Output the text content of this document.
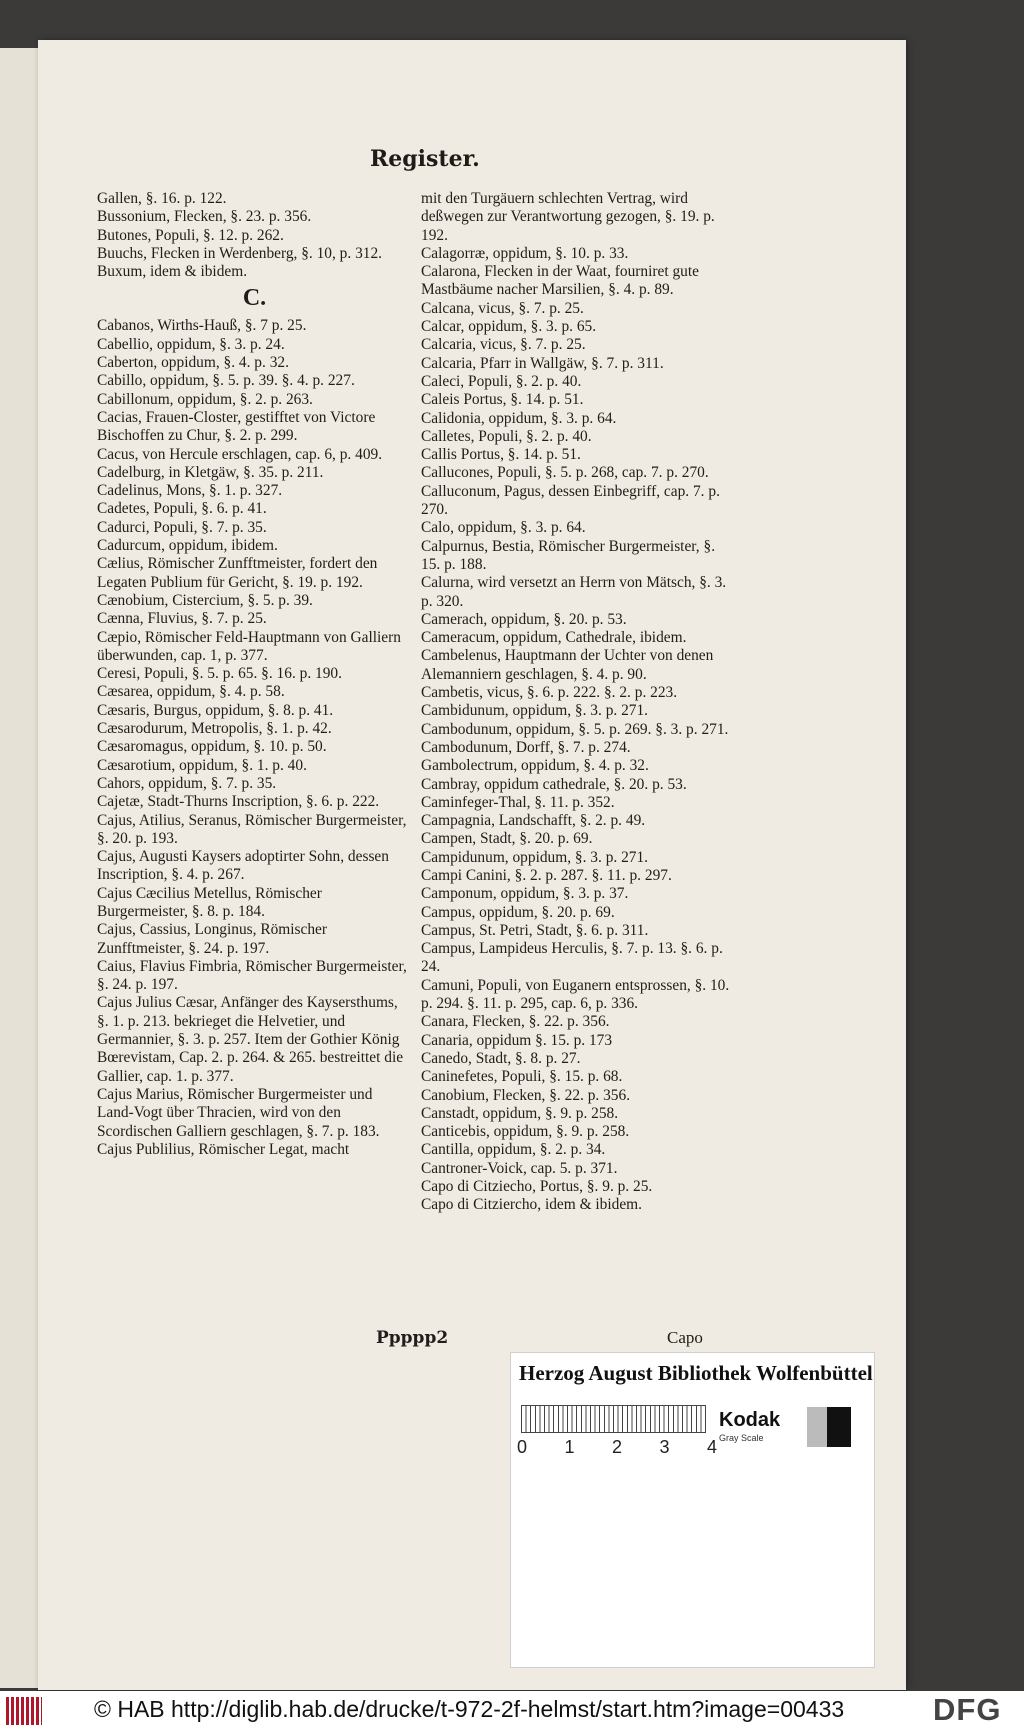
Register.

Gallen, §. 16. p. 122.

Bussonium, Flecken, §. 23. p. 356.

Butones, Populi, §. 12. p. 262.

Buuchs, Flecken in Werdenberg, §. 10, p. 312.

Buxum, idem & ibidem.

C.

Cabanos, Wirths-Hauß, §. 7 p. 25.

Cabellio, oppidum, §. 3. p. 24.

Caberton, oppidum, §. 4. p. 32.

Cabillo, oppidum, §. 5. p. 39. §. 4. p. 227.

Cabillonum, oppidum, §. 2. p. 263.

Cacias, Frauen-Closter, gestifftet von Victore Bischoffen zu Chur, §. 2. p. 299.

Cacus, von Hercule erschlagen, cap. 6, p. 409.

Cadelburg, in Kletgäw, §. 35. p. 211.

Cadelinus, Mons, §. 1. p. 327.

Cadetes, Populi, §. 6. p. 41.

Cadurci, Populi, §. 7. p. 35.

Cadurcum, oppidum, ibidem.

Cælius, Römischer Zunfftmeister, fordert den Legaten Publium für Gericht, §. 19. p. 192.

Cænobium, Cistercium, §. 5. p. 39.

Cænna, Fluvius, §. 7. p. 25.

Cæpio, Römischer Feld-Hauptmann von Galliern überwunden, cap. 1, p. 377.

Ceresi, Populi, §. 5. p. 65. §. 16. p. 190.

Cæsarea, oppidum, §. 4. p. 58.

Cæsaris, Burgus, oppidum, §. 8. p. 41.

Cæsarodurum, Metropolis, §. 1. p. 42.

Cæsaromagus, oppidum, §. 10. p. 50.

Cæsarotium, oppidum, §. 1. p. 40.

Cahors, oppidum, §. 7. p. 35.

Cajetæ, Stadt-Thurns Inscription, §. 6. p. 222.

Cajus, Atilius, Seranus, Römischer Burgermeister, §. 20. p. 193.

Cajus, Augusti Kaysers adoptirter Sohn, dessen Inscription, §. 4. p. 267.

Cajus Cæcilius Metellus, Römischer Burgermeister, §. 8. p. 184.

Cajus, Cassius, Longinus, Römischer Zunfftmeister, §. 24. p. 197.

Caius, Flavius Fimbria, Römischer Burgermeister, §. 24. p. 197.

Cajus Julius Cæsar, Anfänger des Kaysersthums, §. 1. p. 213. bekrieget die Helvetier, und Germannier, §. 3. p. 257. Item der Gothier König Bœrevistam, Cap. 2. p. 264. & 265. bestreittet die Gallier, cap. 1. p. 377.

Cajus Marius, Römischer Burgermeister und Land-Vogt über Thracien, wird von den Scordischen Galliern geschlagen, §. 7. p. 183.

Cajus Publilius, Römischer Legat, macht

mit den Turgäuern schlechten Vertrag, wird deßwegen zur Verantwortung gezogen, §. 19. p. 192.

Calagorræ, oppidum, §. 10. p. 33.

Calarona, Flecken in der Waat, fourniret gute Mastbäume nacher Marsilien, §. 4. p. 89.

Calcana, vicus, §. 7. p. 25.

Calcar, oppidum, §. 3. p. 65.

Calcaria, vicus, §. 7. p. 25.

Calcaria, Pfarr in Wallgäw, §. 7. p. 311.

Caleci, Populi, §. 2. p. 40.

Caleis Portus, §. 14. p. 51.

Calidonia, oppidum, §. 3. p. 64.

Calletes, Populi, §. 2. p. 40.

Callis Portus, §. 14. p. 51.

Callucones, Populi, §. 5. p. 268, cap. 7. p. 270.

Calluconum, Pagus, dessen Einbegriff, cap. 7. p. 270.

Calo, oppidum, §. 3. p. 64.

Calpurnus, Bestia, Römischer Burgermeister, §. 15. p. 188.

Calurna, wird versetzt an Herrn von Mätsch, §. 3. p. 320.

Camerach, oppidum, §. 20. p. 53.

Cameracum, oppidum, Cathedrale, ibidem.

Cambelenus, Hauptmann der Uchter von denen Alemanniern geschlagen, §. 4. p. 90.

Cambetis, vicus, §. 6. p. 222. §. 2. p. 223.

Cambidunum, oppidum, §. 3. p. 271.

Cambodunum, oppidum, §. 5. p. 269. §. 3. p. 271.

Cambodunum, Dorff, §. 7. p. 274.

Gambolectrum, oppidum, §. 4. p. 32.

Cambray, oppidum cathedrale, §. 20. p. 53.

Caminfeger-Thal, §. 11. p. 352.

Campagnia, Landschafft, §. 2. p. 49.

Campen, Stadt, §. 20. p. 69.

Campidunum, oppidum, §. 3. p. 271.

Campi Canini, §. 2. p. 287. §. 11. p. 297.

Camponum, oppidum, §. 3. p. 37.

Campus, oppidum, §. 20. p. 69.

Campus, St. Petri, Stadt, §. 6. p. 311.

Campus, Lampideus Herculis, §. 7. p. 13. §. 6. p. 24.

Camuni, Populi, von Euganern entsprossen, §. 10. p. 294. §. 11. p. 295, cap. 6, p. 336.

Canara, Flecken, §. 22. p. 356.

Canaria, oppidum §. 15. p. 173

Canedo, Stadt, §. 8. p. 27.

Caninefetes, Populi, §. 15. p. 68.

Canobium, Flecken, §. 22. p. 356.

Canstadt, oppidum, §. 9. p. 258.

Canticebis, oppidum, §. 9. p. 258.

Cantilla, oppidum, §. 2. p. 34.

Cantroner-Voick, cap. 5. p. 371.

Capo di Citziecho, Portus, §. 9. p. 25.

Capo di Citziercho, idem & ibidem.

Ppppp2	Capo
Herzog August Bibliothek Wolfenbüttel
0 1 2 3 4
Kodak
Gray Scale
© HAB http://diglib.hab.de/drucke/t-972-2f-helmst/start.htm?image=00433	DFG
